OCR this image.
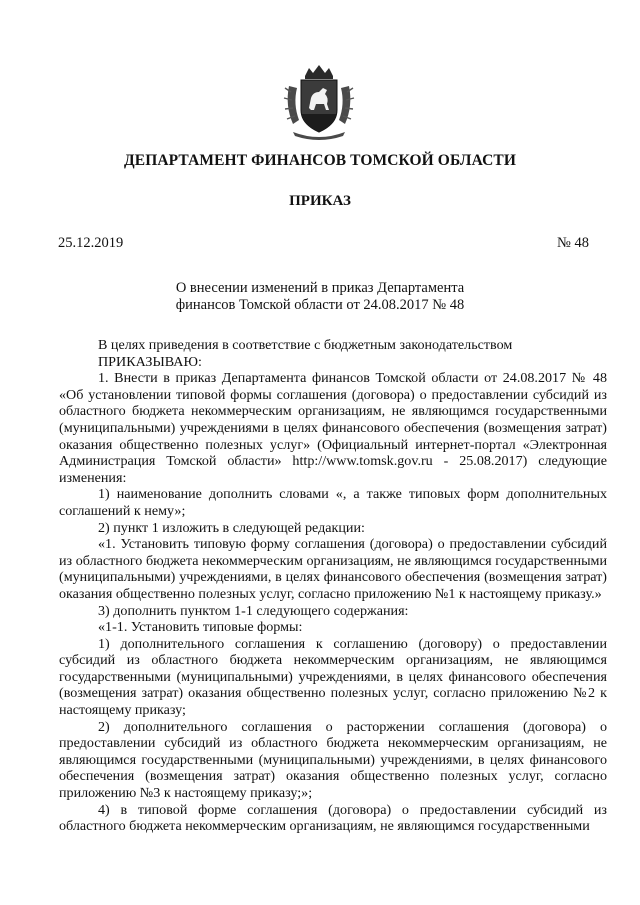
ДЕПАРТАМЕНТ ФИНАНСОВ ТОМСКОЙ ОБЛАСТИ
ПРИКАЗ
25.12.2019	№ 48
О внесении изменений в приказ Департамента
финансов Томской области от 24.08.2017 № 48

В целях приведения в соответствие с бюджетным законодательством

ПРИКАЗЫВАЮ:

1. Внести в приказ Департамента финансов Томской области от 24.08.2017 № 48 «Об установлении типовой формы соглашения (договора) о предоставлении субсидий из областного бюджета некоммерческим организациям, не являющимся государственными (муниципальными) учреждениями в целях финансового обеспечения (возмещения затрат) оказания общественно полезных услуг» (Официальный интернет-портал «Электронная Администрация Томской области» http://www.tomsk.gov.ru - 25.08.2017) следующие изменения:

1) наименование дополнить словами «, а также типовых форм дополнительных соглашений к нему»;

2) пункт 1 изложить в следующей редакции:

«1. Установить типовую форму соглашения (договора) о предоставлении субсидий из областного бюджета некоммерческим организациям, не являющимся государственными (муниципальными) учреждениями, в целях финансового обеспечения (возмещения затрат) оказания общественно полезных услуг, согласно приложению №1 к настоящему приказу.»

3) дополнить пунктом 1-1 следующего содержания:

«1-1. Установить типовые формы:

1) дополнительного соглашения к соглашению (договору) о предоставлении субсидий из областного бюджета некоммерческим организациям, не являющимся государственными (муниципальными) учреждениями, в целях финансового обеспечения (возмещения затрат) оказания общественно полезных услуг, согласно приложению №2 к настоящему приказу;

2) дополнительного соглашения о расторжении соглашения (договора) о предоставлении субсидий из областного бюджета некоммерческим организациям, не являющимся государственными (муниципальными) учреждениями, в целях финансового обеспечения (возмещения затрат) оказания общественно полезных услуг, согласно приложению №3 к настоящему приказу;»;

4) в типовой форме соглашения (договора) о предоставлении субсидий из областного бюджета некоммерческим организациям, не являющимся государственными
